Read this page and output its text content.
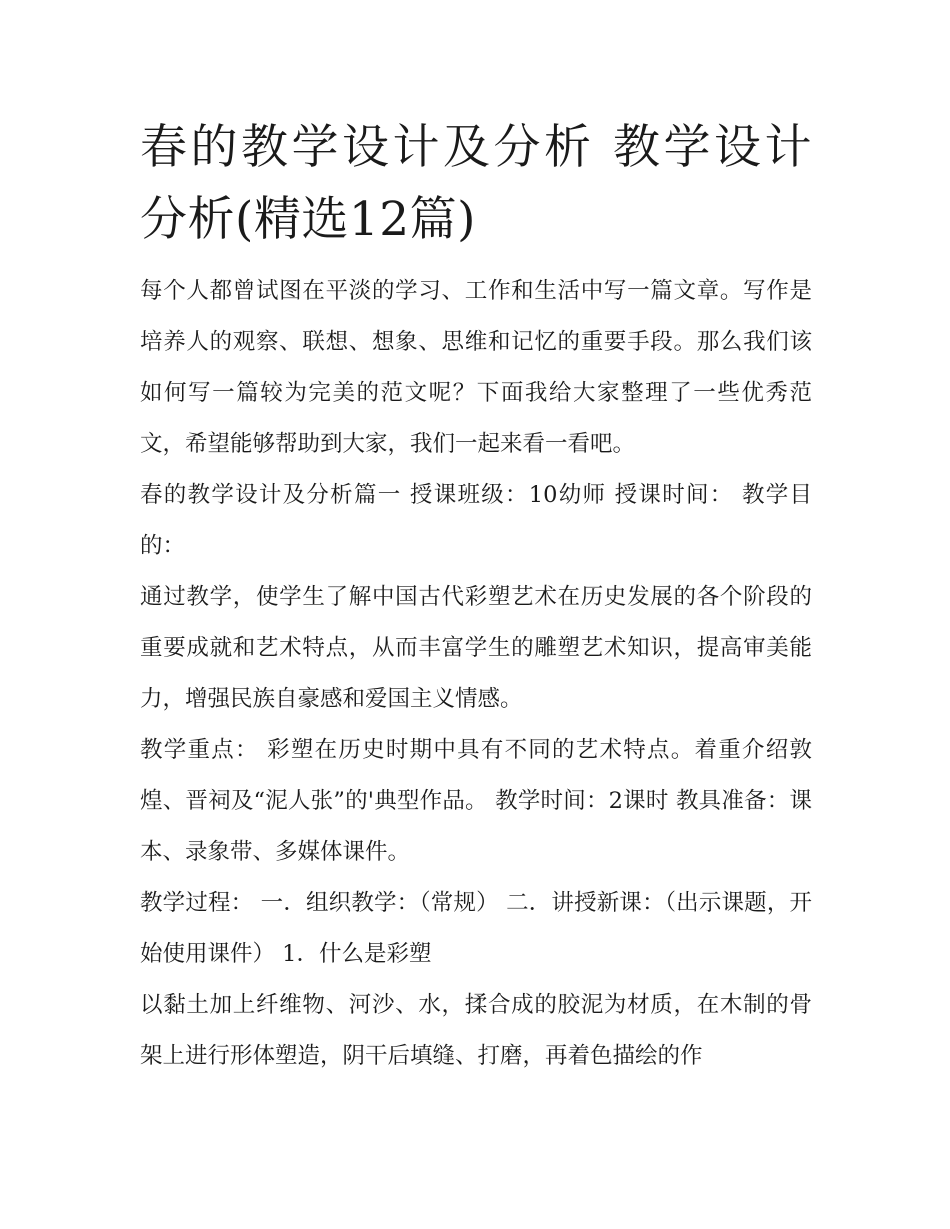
春的教学设计及分析 教学设计分析(精选12篇)

每个人都曾试图在平淡的学习、工作和生活中写一篇文章。写作是培养人的观察、联想、想象、思维和记忆的重要手段。那么我们该如何写一篇较为完美的范文呢？下面我给大家整理了一些优秀范文，希望能够帮助到大家，我们一起来看一看吧。

春的教学设计及分析篇一 授课班级：10幼师 授课时间： 教学目的：

通过教学，使学生了解中国古代彩塑艺术在历史发展的各个阶段的重要成就和艺术特点，从而丰富学生的雕塑艺术知识，提高审美能力，增强民族自豪感和爱国主义情感。

教学重点： 彩塑在历史时期中具有不同的艺术特点。着重介绍敦煌、晋祠及“泥人张”的'典型作品。 教学时间：2课时 教具准备：课本、录象带、多媒体课件。

教学过程： 一．组织教学：（常规） 二．讲授新课：（出示课题，开始使用课件） 1．什么是彩塑

以黏土加上纤维物、河沙、水，揉合成的胶泥为材质，在木制的骨架上进行形体塑造，阴干后填缝、打磨，再着色描绘的作
